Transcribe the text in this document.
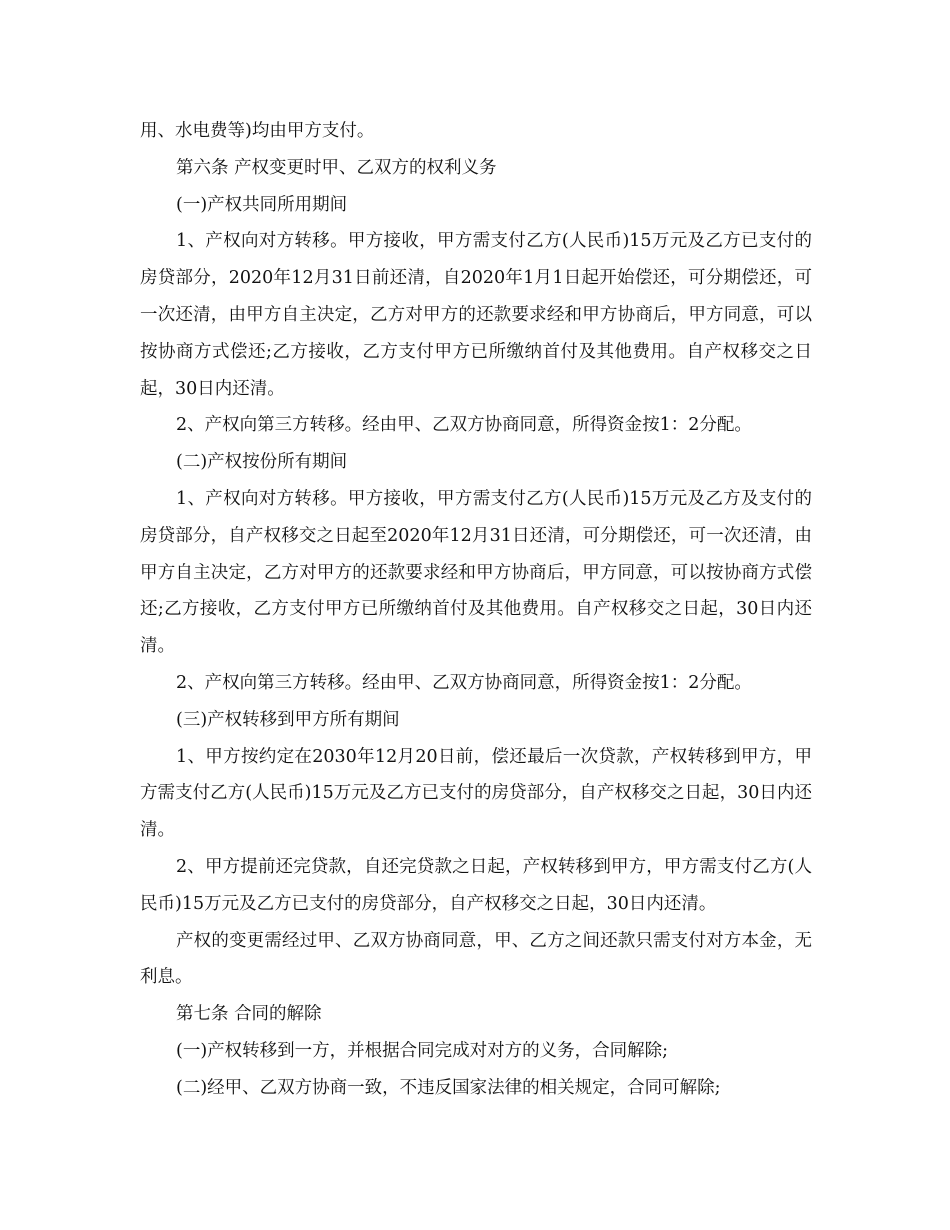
用、水电费等)均由甲方支付。

第六条 产权变更时甲、乙双方的权利义务

(一)产权共同所用期间

1、产权向对方转移。甲方接收，甲方需支付乙方(人民币)15万元及乙方已支付的房贷部分，2020年12月31日前还清，自2020年1月1日起开始偿还，可分期偿还，可一次还清，由甲方自主决定，乙方对甲方的还款要求经和甲方协商后，甲方同意，可以按协商方式偿还;乙方接收，乙方支付甲方已所缴纳首付及其他费用。自产权移交之日起，30日内还清。

2、产权向第三方转移。经由甲、乙双方协商同意，所得资金按1：2分配。

(二)产权按份所有期间

1、产权向对方转移。甲方接收，甲方需支付乙方(人民币)15万元及乙方及支付的房贷部分，自产权移交之日起至2020年12月31日还清，可分期偿还，可一次还清，由甲方自主决定，乙方对甲方的还款要求经和甲方协商后，甲方同意，可以按协商方式偿还;乙方接收，乙方支付甲方已所缴纳首付及其他费用。自产权移交之日起，30日内还清。

2、产权向第三方转移。经由甲、乙双方协商同意，所得资金按1：2分配。

(三)产权转移到甲方所有期间

1、甲方按约定在2030年12月20日前，偿还最后一次贷款，产权转移到甲方，甲方需支付乙方(人民币)15万元及乙方已支付的房贷部分，自产权移交之日起，30日内还清。

2、甲方提前还完贷款，自还完贷款之日起，产权转移到甲方，甲方需支付乙方(人民币)15万元及乙方已支付的房贷部分，自产权移交之日起，30日内还清。

产权的变更需经过甲、乙双方协商同意，甲、乙方之间还款只需支付对方本金，无利息。

第七条 合同的解除

(一)产权转移到一方，并根据合同完成对对方的义务，合同解除;

(二)经甲、乙双方协商一致，不违反国家法律的相关规定，合同可解除;
